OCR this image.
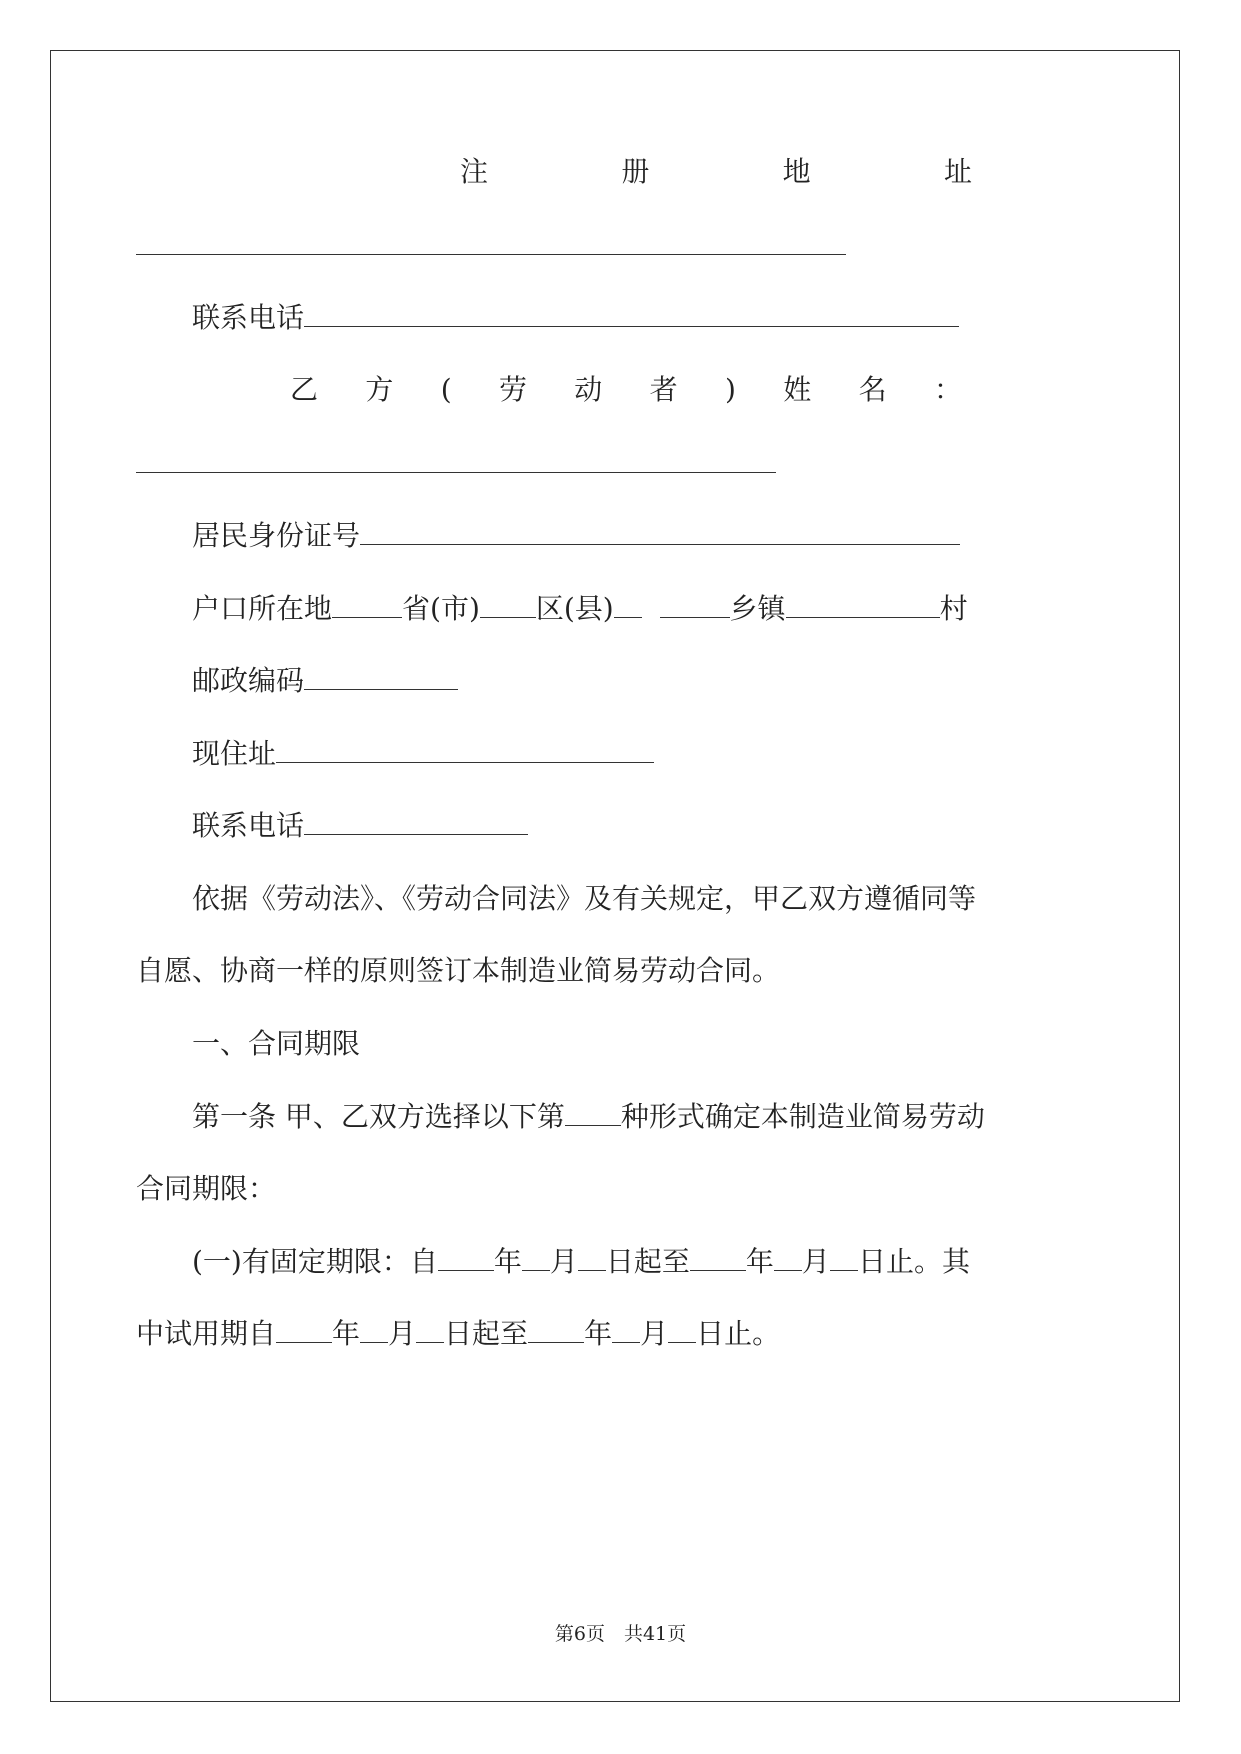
注	册	地	址
联系电话
乙 方 ( 劳 动 者 ) 姓 名 ：
居民身份证号
户口所在地	省(市) 区(县)	乡镇	村
邮政编码
现住址
联系电话
依据《劳动法》、《劳动合同法》及有关规定，甲乙双方遵循同等
自愿、协商一样的原则签订本制造业简易劳动合同。
一、合同期限
第一条 甲、乙双方选择以下第 种形式确定本制造业简易劳动
合同期限：
(一)有固定期限：自 年 月 日起至 年 月 日止。其
中试用期自 年 月 日起至 年 月 日止。
第6页　共41页
